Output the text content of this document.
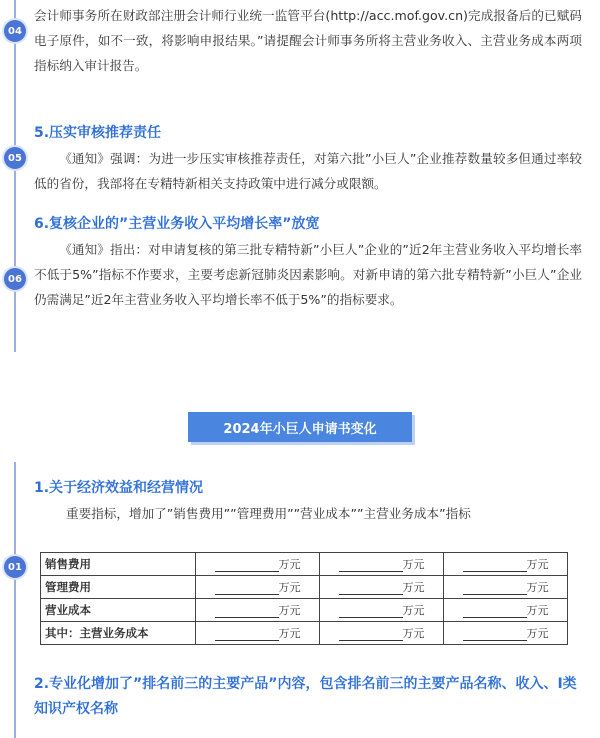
04

会计师事务所在财政部注册会计师行业统一监管平台(http://acc.mof.gov.cn)完成报备后的已赋码电子原件，如不一致，将影响申报结果。”请提醒会计师事务所将主营业务收入、主营业务成本两项指标纳入审计报告。

05

5.压实审核推荐责任

《通知》强调：为进一步压实审核推荐责任，对第六批”小巨人”企业推荐数量较多但通过率较低的省份，我部将在专精特新相关支持政策中进行减分或限额。

06

6.复核企业的”主营业务收入平均增长率”放宽

《通知》指出：对申请复核的第三批专精特新”小巨人”企业的”近2年主营业务收入平均增长率不低于5%”指标不作要求，主要考虑新冠肺炎因素影响。对新申请的第六批专精特新”小巨人”企业仍需满足”近2年主营业务收入平均增长率不低于5%”的指标要求。

2024年小巨人申请书变化

1.关于经济效益和经营情况

重要指标，增加了”销售费用””管理费用””营业成本””主营业务成本”指标

01	销售费用	万元	万元	万元
管理费用	万元	万元	万元
营业成本	万元	万元	万元
其中：主营业务成本	万元	万元	万元

2.专业化增加了”排名前三的主要产品”内容，包含排名前三的主要产品名称、收入、I类知识产权名称
